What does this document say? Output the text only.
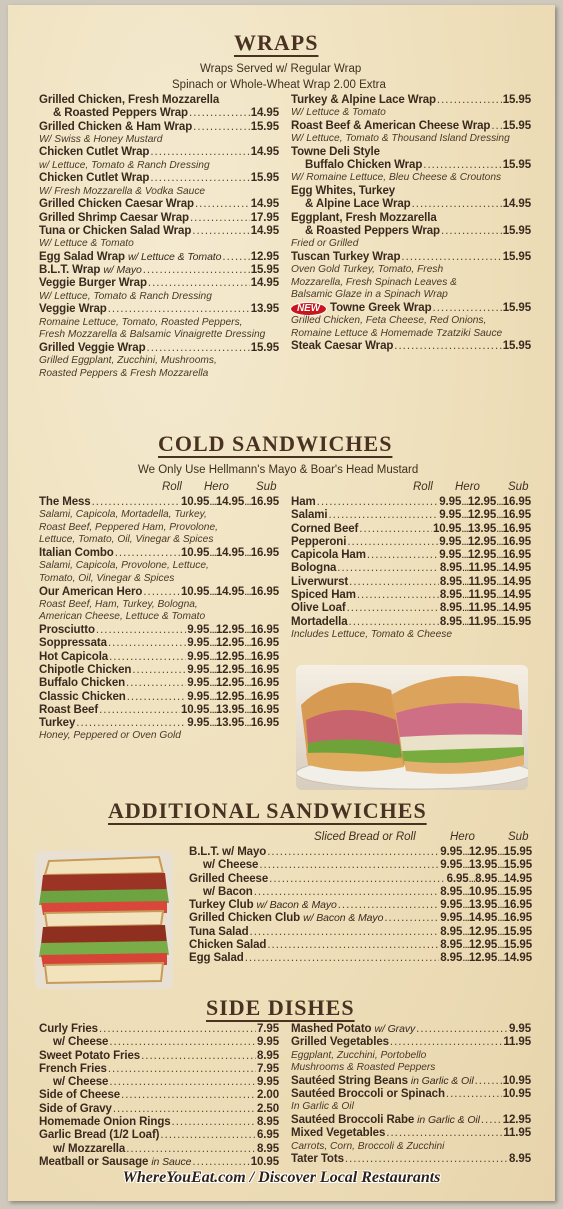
WRAPS
Wraps Served w/ Regular Wrap
Spinach or Whole-Wheat Wrap 2.00 Extra
Grilled Chicken, Fresh Mozzarella
& Roasted Peppers Wrap .....	14.95
Grilled Chicken & Ham Wrap .....	15.95
W/ Swiss & Honey Mustard
Chicken Cutlet Wrap .....	14.95
w/ Lettuce, Tomato & Ranch Dressing
Chicken Cutlet Wrap .....	15.95
W/ Fresh Mozzarella & Vodka Sauce
Grilled Chicken Caesar Wrap .....	14.95
Grilled Shrimp Caesar Wrap .....	17.95
Tuna or Chicken Salad Wrap .....	14.95
W/ Lettuce & Tomato
Egg Salad Wrap w/ Lettuce & Tomato .....	12.95
B.L.T. Wrap w/ Mayo .....	15.95
Veggie Burger Wrap .....	14.95
W/ Lettuce, Tomato & Ranch Dressing
Veggie Wrap .....	13.95
Romaine Lettuce, Tomato, Roasted Peppers,
Fresh Mozzarella & Balsamic Vinaigrette Dressing
Grilled Veggie Wrap .....	15.95
Grilled Eggplant, Zucchini, Mushrooms,
Roasted Peppers & Fresh Mozzarella
Turkey & Alpine Lace Wrap .....	15.95
W/ Lettuce & Tomato
Roast Beef & American Cheese Wrap ..... 15.95
W/ Lettuce, Tomato & Thousand Island Dressing
Towne Deli Style
Buffalo Chicken Wrap .....	15.95
W/ Romaine Lettuce, Bleu Cheese & Croutons
Egg Whites, Turkey
& Alpine Lace Wrap .....	14.95
Eggplant, Fresh Mozzarella
& Roasted Peppers Wrap .....	15.95
Fried or Grilled
Tuscan Turkey Wrap .....	15.95
Oven Gold Turkey, Tomato, Fresh
Mozzarella, Fresh Spinach Leaves &
Balsamic Glaze in a Spinach Wrap
NEW Towne Greek Wrap .....	15.95
Grilled Chicken, Feta Cheese, Red Onions,
Romaine Lettuce & Homemade Tzatziki Sauce
Steak Caesar Wrap .....	15.95
COLD SANDWICHES
We Only Use Hellmann's Mayo & Boar's Head Mustard
Roll Hero Sub	Roll Hero Sub
The Mess .....	10.95 ... 14.95 ... 16.95
Salami, Capicola, Mortadella, Turkey,
Roast Beef, Peppered Ham, Provolone,
Lettuce, Tomato, Oil, Vinegar & Spices
Italian Combo .....	10.95 ... 14.95 ... 16.95
Salami, Capicola, Provolone, Lettuce,
Tomato, Oil, Vinegar & Spices
Our American Hero .....	10.95 ... 14.95 ... 16.95
Roast Beef, Ham, Turkey, Bologna,
American Cheese, Lettuce & Tomato
Prosciutto .....	9.95 ... 12.95 ... 16.95
Soppressata .....	9.95 ... 12.95 ... 16.95
Hot Capicola .....	9.95 ... 12.95 ... 16.95
Chipotle Chicken .....	9.95 ... 12.95 ... 16.95
Buffalo Chicken .....	9.95 ... 12.95 ... 16.95
Classic Chicken .....	9.95 ... 12.95 ... 16.95
Roast Beef .....	10.95 ... 13.95 ... 16.95
Turkey .....	9.95 ... 13.95 ... 16.95
Honey, Peppered or Oven Gold
Ham .....	9.95 ... 12.95 ... 16.95
Salami .....	9.95 ... 12.95 ... 16.95
Corned Beef .....	10.95 ... 13.95 ... 16.95
Pepperoni .....	9.95 ... 12.95 ... 16.95
Capicola Ham .....	9.95 ... 12.95 ... 16.95
Bologna .....	8.95 ... 11.95 ... 14.95
Liverwurst .....	8.95 ... 11.95 ... 14.95
Spiced Ham .....	8.95 ... 11.95 ... 14.95
Olive Loaf .....	8.95 ... 11.95 ... 14.95
Mortadella .....	8.95 ... 11.95 ... 15.95
Includes Lettuce, Tomato & Cheese
ADDITIONAL SANDWICHES
Sliced Bread or Roll	Hero	Sub
B.L.T. w/ Mayo .....	9.95 ... 12.95 ... 15.95
w/ Cheese .....	9.95 ... 13.95 ... 15.95
Grilled Cheese .....	6.95 ... 8.95 ... 14.95
w/ Bacon .....	8.95 ... 10.95 ... 15.95
Turkey Club w/ Bacon & Mayo .....	9.95 ... 13.95 ... 16.95
Grilled Chicken Club w/ Bacon & Mayo .....	9.95 ... 14.95 ... 16.95
Tuna Salad .....	8.95 ... 12.95 ... 15.95
Chicken Salad .....	8.95 ... 12.95 ... 15.95
Egg Salad .....	8.95 ... 12.95 ... 14.95
SIDE DISHES
Curly Fries .....	7.95
w/ Cheese .....	9.95
Sweet Potato Fries .....	8.95
French Fries .....	7.95
w/ Cheese .....	9.95
Side of Cheese .....	2.00
Side of Gravy .....	2.50
Homemade Onion Rings .....	8.95
Garlic Bread (1/2 Loaf) .....	6.95
w/ Mozzarella .....	8.95
Meatball or Sausage in Sauce .....	10.95
Mashed Potato w/ Gravy .....	9.95
Grilled Vegetables .....	11.95
Eggplant, Zucchini, Portobello
Mushrooms & Roasted Peppers
Sautéed String Beans in Garlic & Oil .....	10.95
Sautéed Broccoli or Spinach .....	10.95
In Garlic & Oil
Sautéed Broccoli Rabe in Garlic & Oil ..... 12.95
Mixed Vegetables .....	11.95
Carrots, Corn, Broccoli & Zucchini
Tater Tots .....	8.95
WhereYouEat.com / Discover Local Restaurants
